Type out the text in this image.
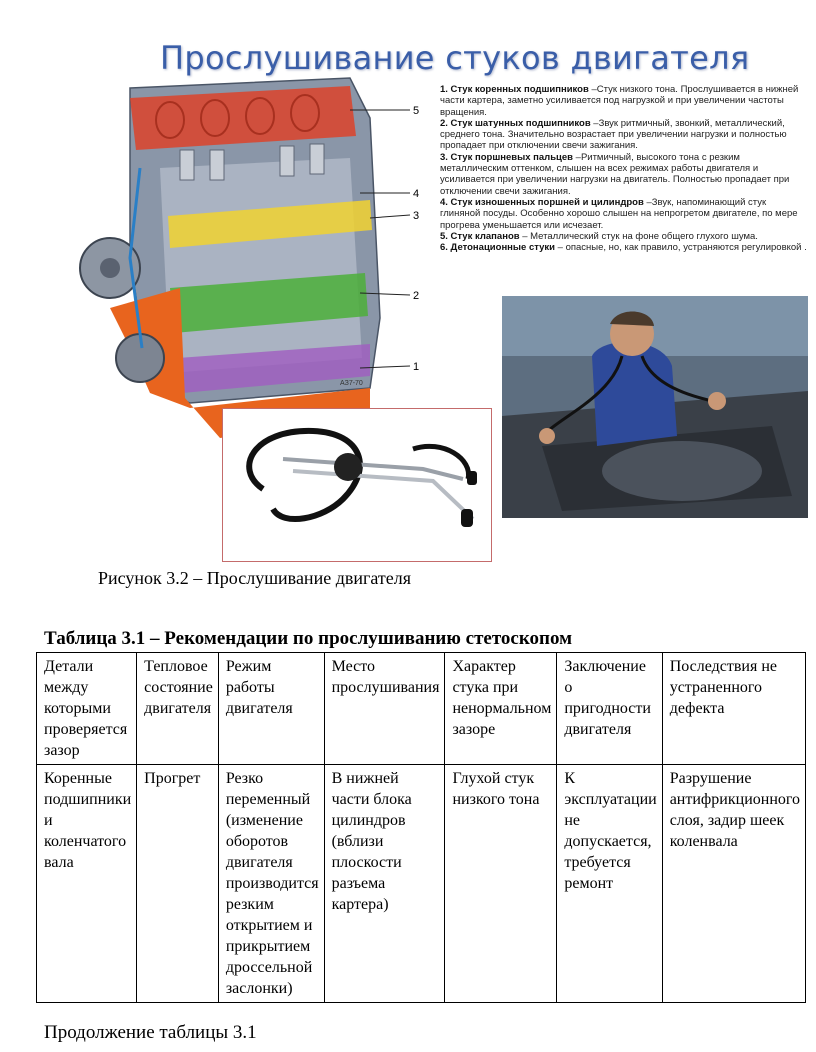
Прослушивание стуков двигателя
5
4
3
2
1
АЗ7-70

1. Стук коренных подшипников –Стук низкого тона. Прослушивается в нижней части картера, заметно усиливается под нагрузкой и при увеличении частоты вращения.

2. Стук шатунных подшипников –Звук ритмичный, звонкий, металлический, среднего тона. Значительно возрастает при увеличении нагрузки и полностью пропадает при отключении свечи зажигания.

3. Стук поршневых пальцев –Ритмичный, высокого тона с резким металлическим оттенком, слышен на всех режимах работы двигателя и усиливается при увеличении нагрузки на двигатель. Полностью пропадает при отключении свечи зажигания.

4. Стук изношенных поршней и цилиндров –Звук, напоминающий стук глиняной посуды. Особенно хорошо слышен на непрогретом двигателе, по мере прогрева уменьшается или исчезает.

5. Стук клапанов – Металлический стук на фоне общего глухого шума.

6. Детонационные стуки – опасные, но, как правило, устраняются регулировкой .

Рисунок 3.2 – Прослушивание двигателя
Таблица 3.1 – Рекомендации по прослушиванию стетоскопом
Детали между которыми проверяется зазор	Тепловое состояние двигателя	Режим работы двигателя	Место прослушивания	Характер стука при ненормальном зазоре	Заключение о пригодности двигателя	Последствия не устраненного дефекта
Коренные подшипники и коленчатого вала	Прогрет	Резко переменный (изменение оборотов двигателя производится резким открытием и прикрытием дроссельной заслонки)	В нижней части блока цилиндров (вблизи плоскости разъема картера)	Глухой стук низкого тона	К эксплуатации не допускается, требуется ремонт	Разрушение антифрикционного слоя, задир шеек коленвала
Продолжение таблицы 3.1
